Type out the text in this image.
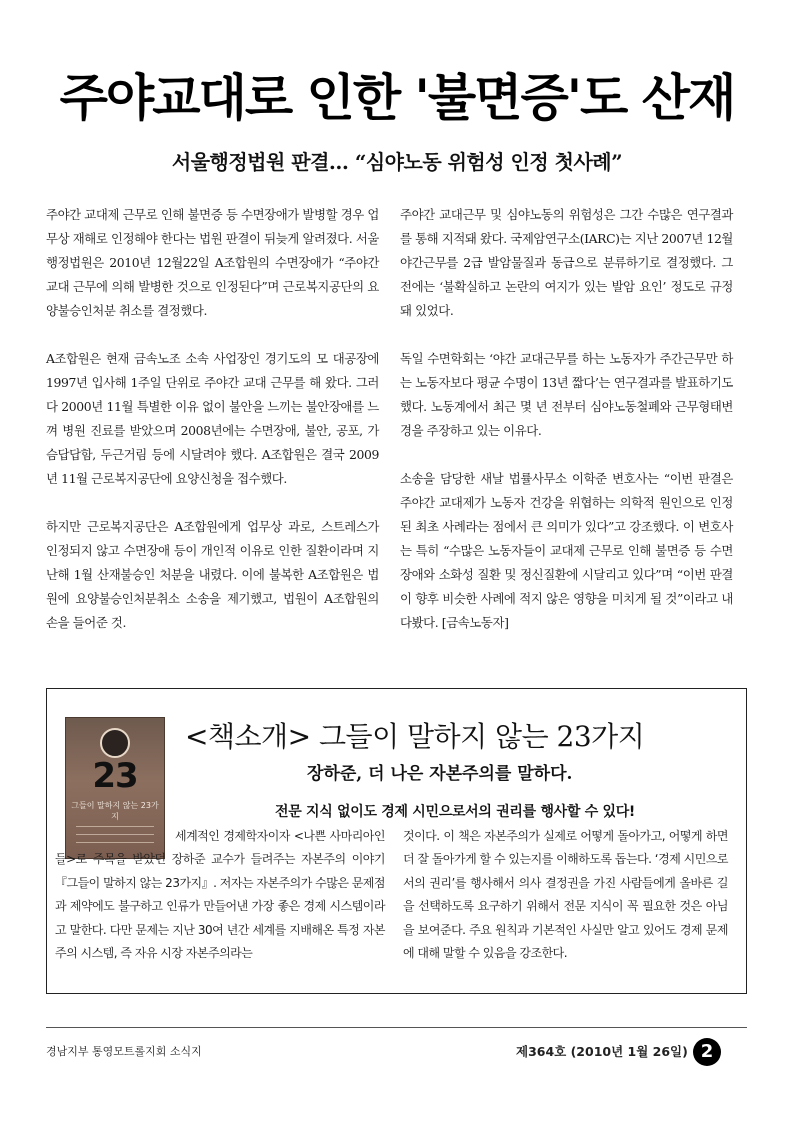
주야교대로 인한 '불면증'도 산재
서울행정법원 판결… “심야노동 위험성 인정 첫사례”

주야간 교대제 근무로 인해 불면증 등 수면장애가 발병할 경우 업무상 재해로 인정해야 한다는 법원 판결이 뒤늦게 알려졌다. 서울행정법원은 2010년 12월22일 A조합원의 수면장애가 “주야간 교대 근무에 의해 발병한 것으로 인정된다”며 근로복지공단의 요양불승인처분 취소를 결정했다.

A조합원은 현재 금속노조 소속 사업장인 경기도의 모 대공장에 1997년 입사해 1주일 단위로 주야간 교대 근무를 해 왔다. 그러다 2000년 11월 특별한 이유 없이 불안을 느끼는 불안장애를 느껴 병원 진료를 받았으며 2008년에는 수면장애, 불안, 공포, 가슴답답함, 두근거림 등에 시달려야 했다. A조합원은 결국 2009년 11월 근로복지공단에 요양신청을 접수했다.

하지만 근로복지공단은 A조합원에게 업무상 과로, 스트레스가 인정되지 않고 수면장애 등이 개인적 이유로 인한 질환이라며 지난해 1월 산재불승인 처분을 내렸다. 이에 불복한 A조합원은 법원에 요양불승인처분취소 소송을 제기했고, 법원이 A조합원의 손을 들어준 것.

주야간 교대근무 및 심야노동의 위험성은 그간 수많은 연구결과를 통해 지적돼 왔다. 국제암연구소(IARC)는 지난 2007년 12월 야간근무를 2급 발암물질과 동급으로 분류하기로 결정했다. 그전에는 ‘불확실하고 논란의 여지가 있는 발암 요인’ 정도로 규정돼 있었다.

독일 수면학회는 ‘야간 교대근무를 하는 노동자가 주간근무만 하는 노동자보다 평균 수명이 13년 짧다’는 연구결과를 발표하기도 했다. 노동계에서 최근 몇 년 전부터 심야노동철폐와 근무형태변경을 주장하고 있는 이유다.

소송을 담당한 새날 법률사무소 이학준 변호사는 “이번 판결은 주야간 교대제가 노동자 건강을 위협하는 의학적 원인으로 인정된 최초 사례라는 점에서 큰 의미가 있다”고 강조했다. 이 변호사는 특히 “수많은 노동자들이 교대제 근무로 인해 불면증 등 수면장애와 소화성 질환 및 정신질환에 시달리고 있다”며 “이번 판결이 향후 비슷한 사례에 적지 않은 영향을 미치게 될 것”이라고 내다봤다. [금속노동자]

23
그들이 말하지 않는 23가지
<책소개> 그들이 말하지 않는 23가지
장하준, 더 나은 자본주의를 말하다.
전문 지식 없이도 경제 시민으로서의 권리를 행사할 수 있다!
세계적인 경제학자이자 <나쁜 사마리아인들>로 주목을 받았던 장하준 교수가 들려주는 자본주의 이야기 『그들이 말하지 않는 23가지』. 저자는 자본주의가 수많은 문제점과 제약에도 불구하고 인류가 만들어낸 가장 좋은 경제 시스템이라고 말한다. 다만 문제는 지난 30여 년간 세계를 지배해온 특정 자본주의 시스템, 즉 자유 시장 자본주의라는
것이다. 이 책은 자본주의가 실제로 어떻게 돌아가고, 어떻게 하면 더 잘 돌아가게 할 수 있는지를 이해하도록 돕는다. ‘경제 시민으로서의 권리’를 행사해서 의사 결정권을 가진 사람들에게 올바른 길을 선택하도록 요구하기 위해서 전문 지식이 꼭 필요한 것은 아님을 보여준다. 주요 원칙과 기본적인 사실만 알고 있어도 경제 문제에 대해 말할 수 있음을 강조한다.
경남지부 통영모트롤지회 소식지	제364호 (2010년 1월 26일) 2
